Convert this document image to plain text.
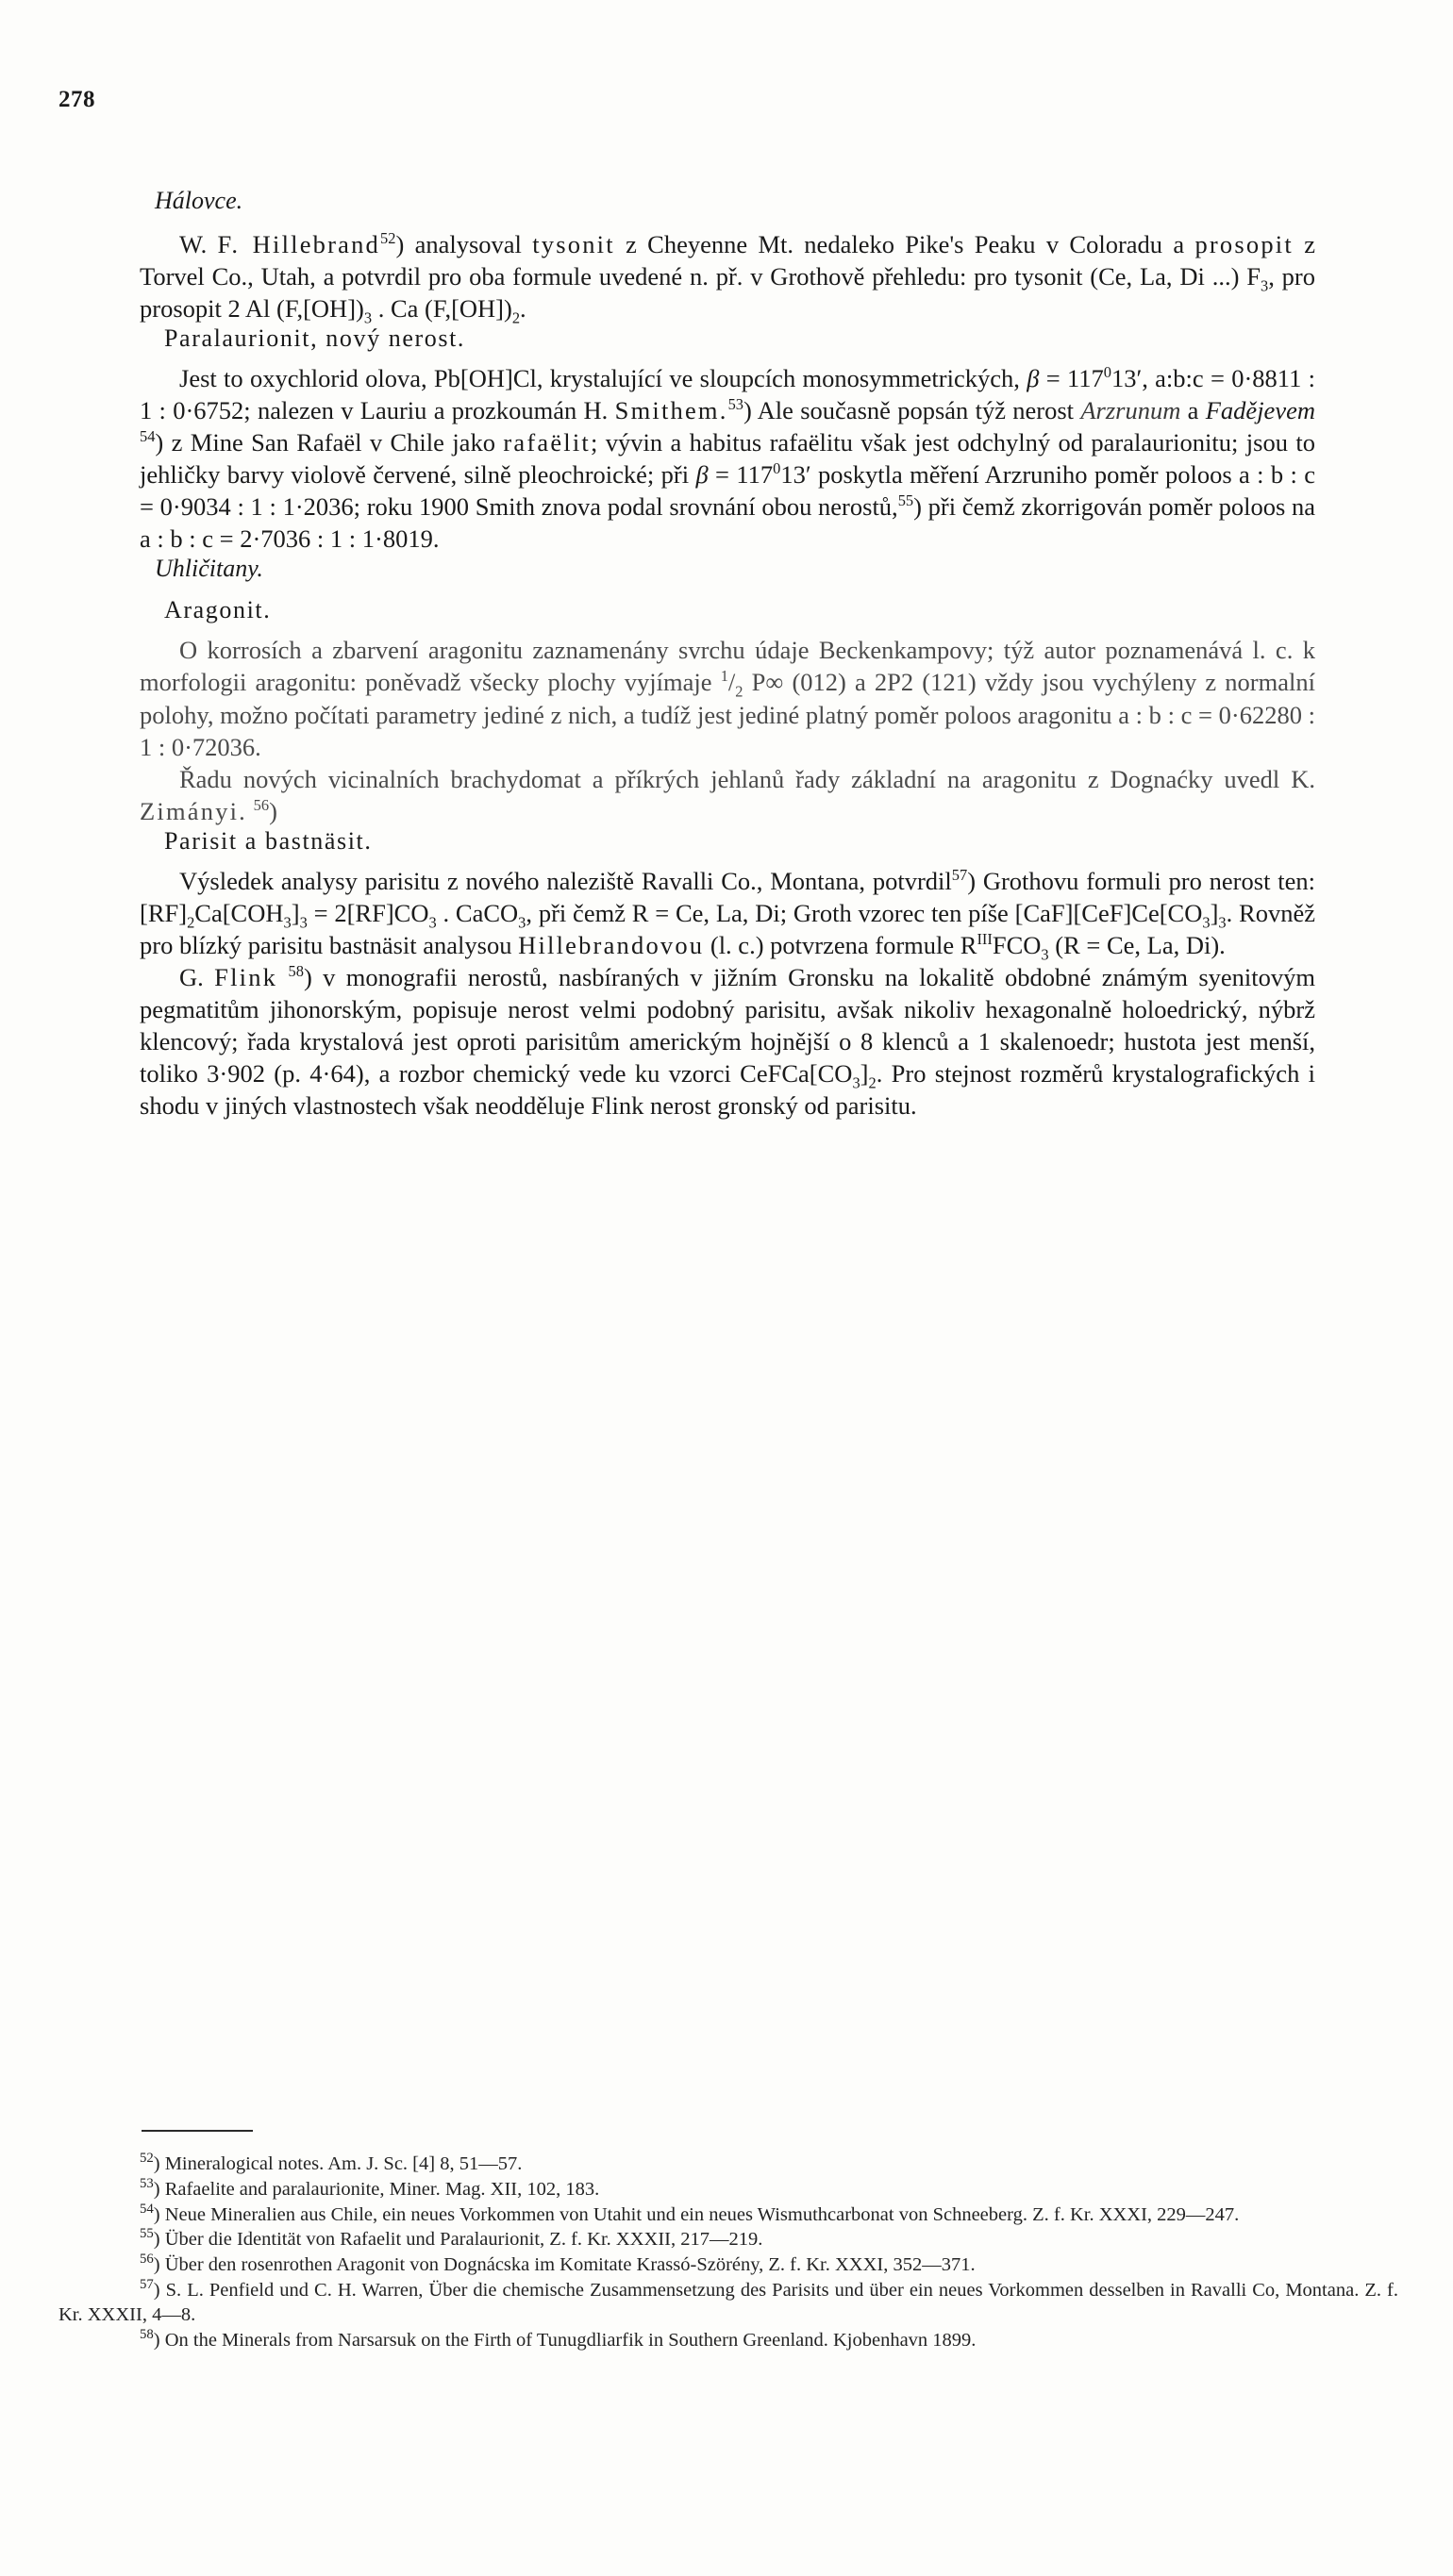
278
Hálovce.

W. F. Hillebrand$^{52}$) analysoval tysonit z Cheyenne Mt. nedaleko Pike's Peaku v Coloradu a prosopit z Torvel Co., Utah, a potvrdil pro oba formule uvedené n. př. v Grothově přehledu: pro tysonit (Ce, La, Di ...) $F_3$, pro prosopit 2 Al $(F,[OH])_3$ . Ca $(F,[OH])_2$.

Paralaurionit, nový nerost.

Jest to oxychlorid olova, Pb[OH]Cl, krystalující ve sloupcích monosymmetrických, $\beta = 117^013'$, a:b:c = 0·8811 : 1 : 0·6752; nalezen v Lauriu a prozkoumán H. Smithem.$^{53}$) Ale současně popsán týž nerost Arzrunum a Fadějevem $^{54}$) z Mine San Rafaël v Chile jako rafaëlit; vývin a habitus rafaëlitu však jest odchylný od paralaurionitu; jsou to jehličky barvy violově červené, silně pleochroické; při $\beta = 117^013'$ poskytla měření Arzruniho poměr poloos a : b : c = 0·9034 : 1 : 1·2036; roku 1900 Smith znova podal srovnání obou nerostů,$^{55}$) při čemž zkorrigován poměr poloos na a : b : c = 2·7036 : 1 : 1·8019.

Uhličitany.
Aragonit.

O korrosích a zbarvení aragonitu zaznamenány svrchu údaje Beckenkampovy; týž autor poznamenává l. c. k morfologii aragonitu: poněvadž všecky plochy vyjímaje $^1/_2$ P∞ (012) a 2P2 (121) vždy jsou vychýleny z normalní polohy, možno počítati parametry jediné z nich, a tudíž jest jediné platný poměr poloos aragonitu a : b : c = 0·62280 : 1 : 0·72036.

Řadu nových vicinalních brachydomat a příkrých jehlanů řady základní na aragonitu z Dognaćky uvedl K. Zimányi. $^{56}$)

Parisit a bastnäsit.

Výsledek analysy parisitu z nového naleziště Ravalli Co., Montana, potvrdil$^{57}$) Grothovu formuli pro nerost ten: $[RF]_2Ca[COH_3]_3 = 2[RF]CO_3$ . CaCO$_3$, při čemž R = Ce, La, Di; Groth vzorec ten píše $[CaF][CeF]Ce[CO_3]_3$. Rovněž pro blízký parisitu bastnäsit analysou Hillebrandovou (l. c.) potvrzena formule $R^{III}FCO_3$ (R = Ce, La, Di).

G. Flink $^{58}$) v monografii nerostů, nasbíraných v jižním Gronsku na lokalitě obdobné známým syenitovým pegmatitům jihonorským, popisuje nerost velmi podobný parisitu, avšak nikoliv hexagonalně holoedrický, nýbrž klencový; řada krystalová jest oproti parisitům americkým hojnější o 8 klenců a 1 skalenoedr; hustota jest menší, toliko 3·902 (p. 4·64), a rozbor chemický vede ku vzorci $CeFCa[CO_3]_2$. Pro stejnost rozměrů krystalografických i shodu v jiných vlastnostech však neodděluje Flink nerost gronský od parisitu.

$^{52}$) Mineralogical notes. Am. J. Sc. [4] 8, 51—57.

$^{53}$) Rafaelite and paralaurionite, Miner. Mag. XII, 102, 183.

$^{54}$) Neue Mineralien aus Chile, ein neues Vorkommen von Utahit und ein neues Wismuthcarbonat von Schneeberg. Z. f. Kr. XXXI, 229—247.

$^{55}$) Über die Identität von Rafaelit und Paralaurionit, Z. f. Kr. XXXII, 217—219.

$^{56}$) Über den rosenrothen Aragonit von Dognácska im Komitate Krassó-Szörény, Z. f. Kr. XXXI, 352—371.

$^{57}$) S. L. Penfield und C. H. Warren, Über die chemische Zusammensetzung des Parisits und über ein neues Vorkommen desselben in Ravalli Co, Montana. Z. f. Kr. XXXII, 4—8.

$^{58}$) On the Minerals from Narsarsuk on the Firth of Tunugdliarfik in Southern Greenland. Kjobenhavn 1899.
